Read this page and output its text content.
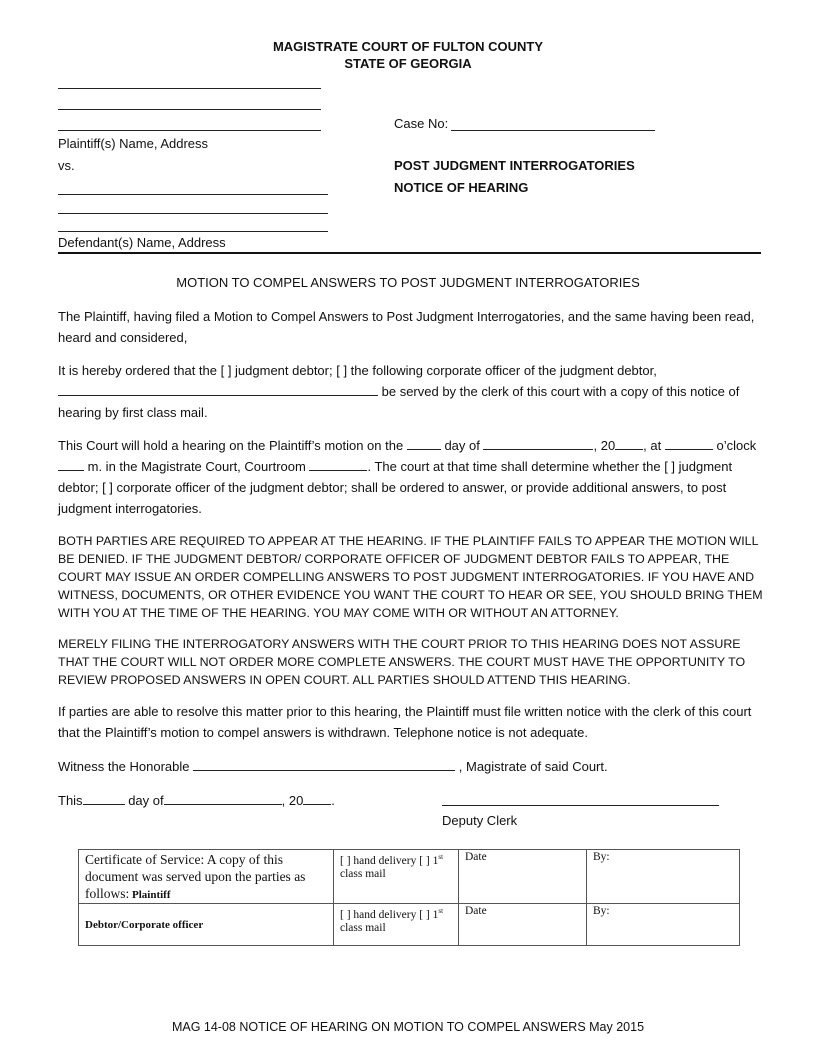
MAGISTRATE COURT OF FULTON COUNTY
STATE OF GEORGIA
Plaintiff(s) Name, Address
vs.
Defendant(s) Name, Address
Case No:
POST JUDGMENT INTERROGATORIES
NOTICE OF HEARING
MOTION TO COMPEL ANSWERS TO POST JUDGMENT INTERROGATORIES
The Plaintiff, having filed a Motion to Compel Answers to Post Judgment Interrogatories, and the same having been read, heard and considered,
It is hereby ordered that the [ ] judgment debtor; [ ] the following corporate officer of the judgment debtor,
be served by the clerk of this court with a copy of this notice of hearing by first class mail.
This Court will hold a hearing on the Plaintiff’s motion on the	day of	, 20 , at	o’clock  m. in the Magistrate Court, Courtroom	. The court at that time shall determine whether the [ ] judgment debtor; [ ] corporate officer of the judgment debtor; shall be ordered to answer, or provide additional answers, to post judgment interrogatories.
BOTH PARTIES ARE REQUIRED TO APPEAR AT THE HEARING. IF THE PLAINTIFF FAILS TO APPEAR THE MOTION WILL BE DENIED. IF THE JUDGMENT DEBTOR/ CORPORATE OFFICER OF JUDGMENT DEBTOR FAILS TO APPEAR, THE COURT MAY ISSUE AN ORDER COMPELLING ANSWERS TO POST JUDGMENT INTERROGATORIES. IF YOU HAVE AND WITNESS, DOCUMENTS, OR OTHER EVIDENCE YOU WANT THE COURT TO HEAR OR SEE, YOU SHOULD BRING THEM WITH YOU AT THE TIME OF THE HEARING. YOU MAY COME WITH OR WITHOUT AN ATTORNEY.
MERELY FILING THE INTERROGATORY ANSWERS WITH THE COURT PRIOR TO THIS HEARING DOES NOT ASSURE THAT THE COURT WILL NOT ORDER MORE COMPLETE ANSWERS. THE COURT MUST HAVE THE OPPORTUNITY TO REVIEW PROPOSED ANSWERS IN OPEN COURT. ALL PARTIES SHOULD ATTEND THIS HEARING.
If parties are able to resolve this matter prior to this hearing, the Plaintiff must file written notice with the clerk of this court that the Plaintiff’s motion to compel answers is withdrawn. Telephone notice is not adequate.
Witness the Honorable	, Magistrate of said Court.
This	day of	, 20 .
Deputy Clerk
Certificate of Service: A copy of this document was served upon the parties as follows: Plaintiff	[ ] hand delivery [ ] 1st
class mail	Date	By:
Debtor/Corporate officer	[ ] hand delivery [ ] 1st
class mail	Date	By:
MAG 14-08 NOTICE OF HEARING ON MOTION TO COMPEL ANSWERS May 2015
